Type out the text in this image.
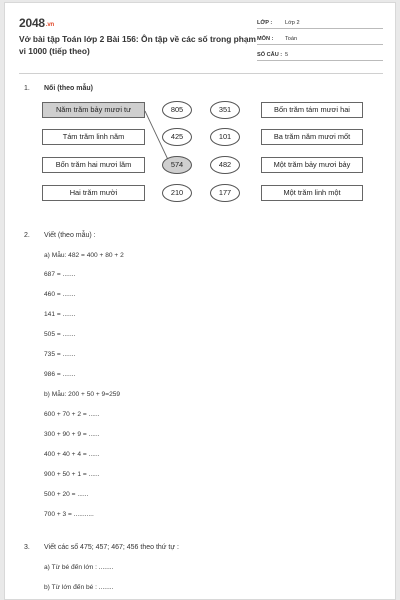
2048.vn
Vở bài tập Toán lớp 2 Bài 156: Ôn tập về các số trong phạm vi 1000 (tiếp theo)
LỚP : Lớp 2
MÔN : Toán
SỐ CÂU : 5
1. Nối (theo mẫu)
Năm trăm bảy mươi tư
Tám trăm linh năm
Bốn trăm hai mươi lăm
Hai trăm mười
805
425
574
210
351
101
482
177
Bốn trăm tám mươi hai
Ba trăm năm mươi mốt
Một trăm bảy mươi bảy
Một trăm linh một
2. Viết (theo mẫu) :
a) Mẫu: 482 = 400 + 80 + 2
687 = .......
460 = .......
141 = .......
505 = .......
735 = .......
986 = .......
b) Mẫu: 200 + 50 + 9=259
600 + 70 + 2 = ......
300 + 90 + 9 = ......
400 + 40 + 4 = ......
900 + 50 + 1 = ......
500 + 20 = ......
700 + 3 = ...........
3. Viết các số 475; 457; 467; 456 theo thứ tự :
a) Từ bé đến lớn : ........
b) Từ lớn đến bé : ........
